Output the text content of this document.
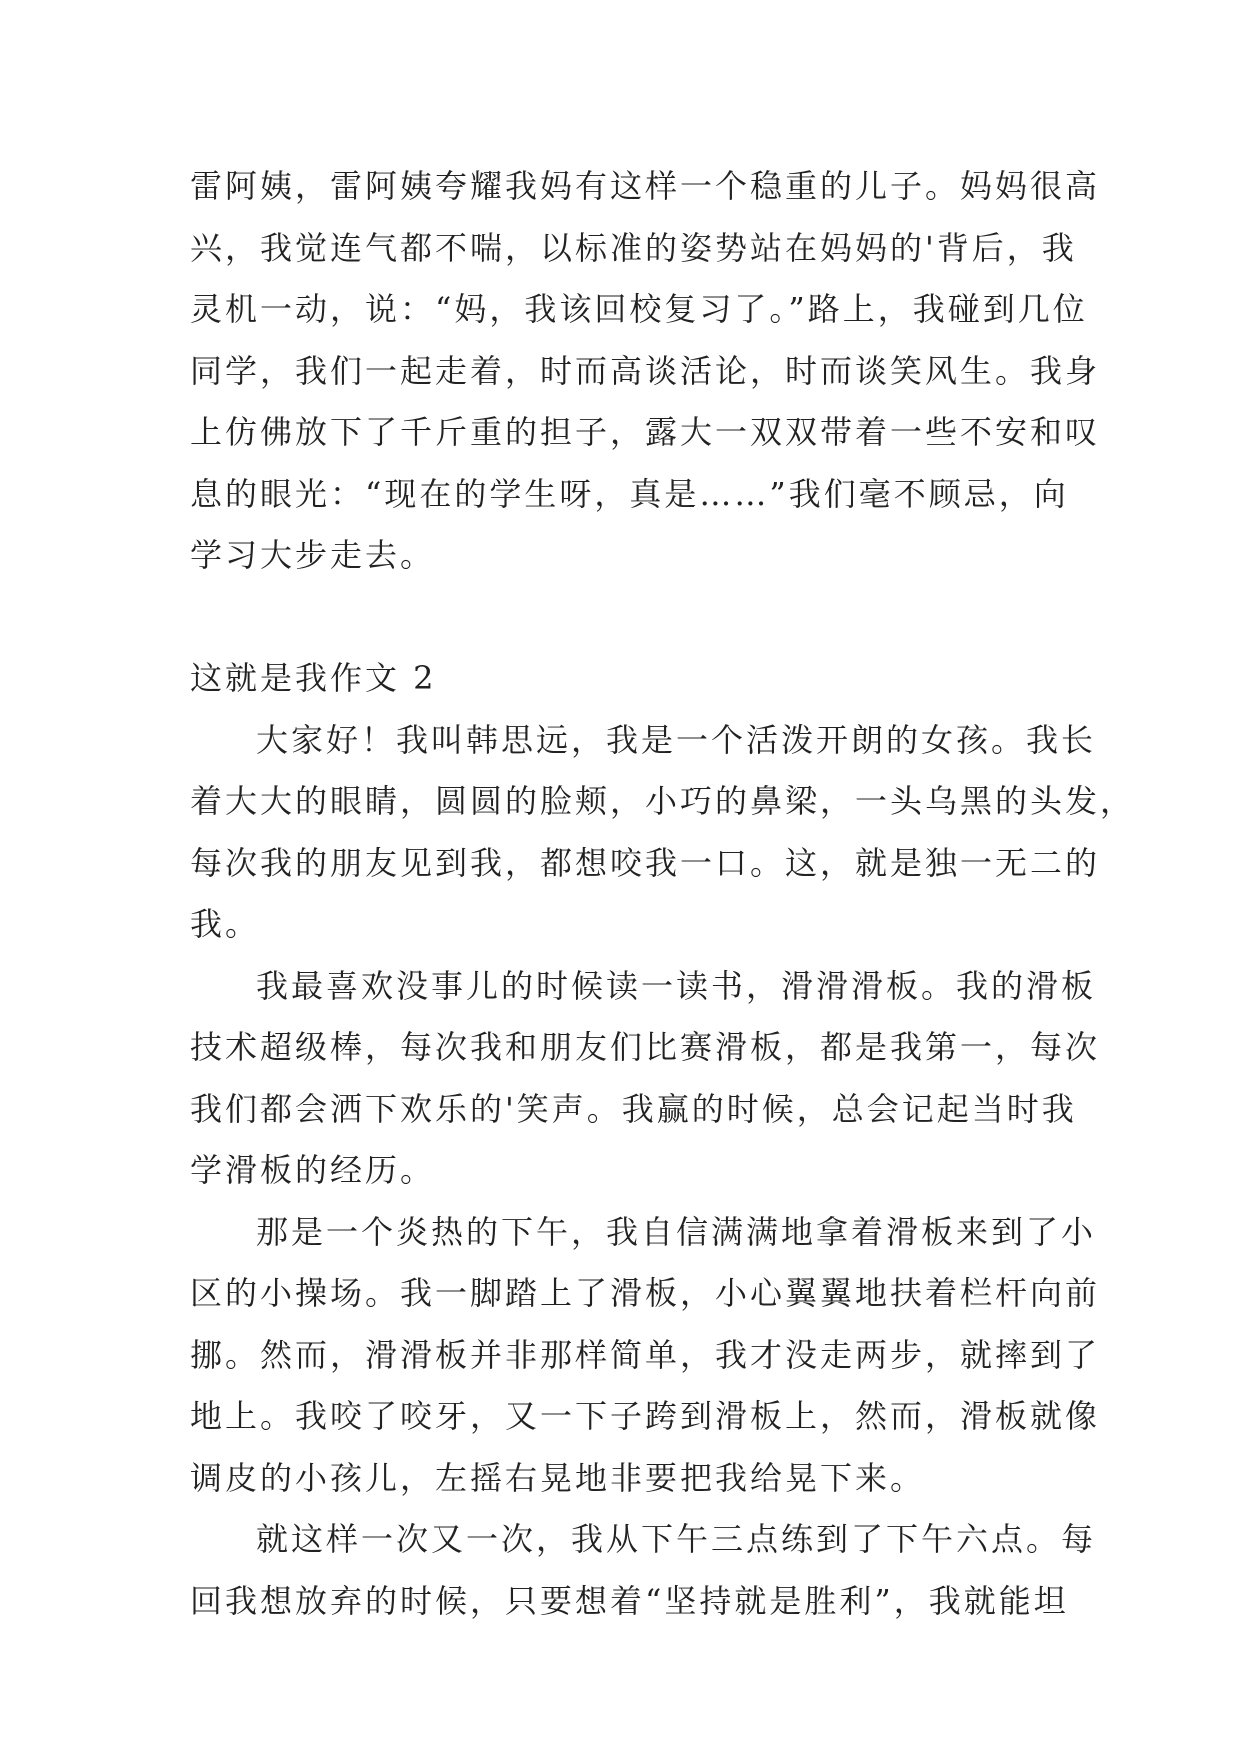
雷阿姨，雷阿姨夸耀我妈有这样一个稳重的儿子。妈妈很高
兴，我觉连气都不喘，以标准的姿势站在妈妈的'背后，我
灵机一动，说：“妈，我该回校复习了。”路上，我碰到几位
同学，我们一起走着，时而高谈活论，时而谈笑风生。我身
上仿佛放下了千斤重的担子，露大一双双带着一些不安和叹
息的眼光：“现在的学生呀，真是……”我们毫不顾忌，向
学习大步走去。
这就是我作文 2
大家好！我叫韩思远，我是一个活泼开朗的女孩。我长
着大大的眼睛，圆圆的脸颊，小巧的鼻梁，一头乌黑的头发，
每次我的朋友见到我，都想咬我一口。这，就是独一无二的
我。
我最喜欢没事儿的时候读一读书，滑滑滑板。我的滑板
技术超级棒，每次我和朋友们比赛滑板，都是我第一，每次
我们都会洒下欢乐的'笑声。我赢的时候，总会记起当时我
学滑板的经历。
那是一个炎热的下午，我自信满满地拿着滑板来到了小
区的小操场。我一脚踏上了滑板，小心翼翼地扶着栏杆向前
挪。然而，滑滑板并非那样简单，我才没走两步，就摔到了
地上。我咬了咬牙，又一下子跨到滑板上，然而，滑板就像
调皮的小孩儿，左摇右晃地非要把我给晃下来。
就这样一次又一次，我从下午三点练到了下午六点。每
回我想放弃的时候，只要想着“坚持就是胜利”，我就能坦
